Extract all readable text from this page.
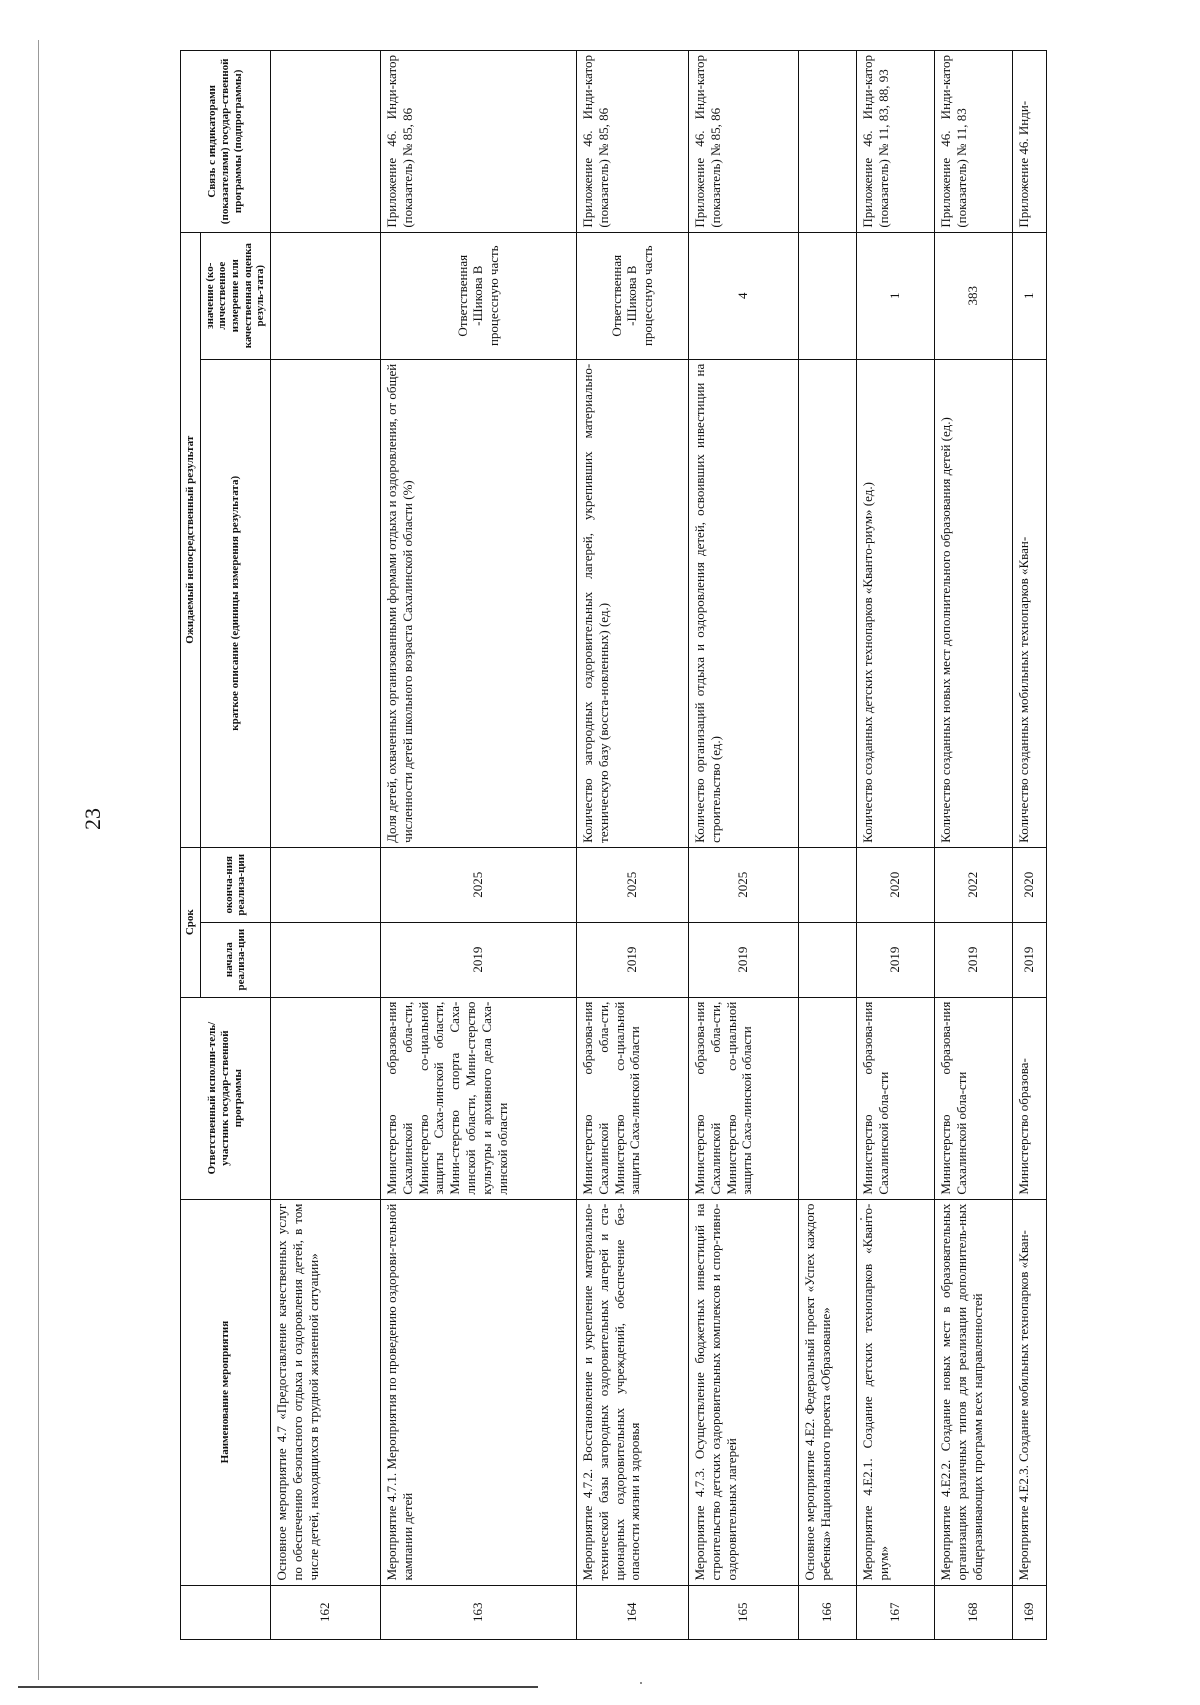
23
	Наименование мероприятия	Ответственный исполни-тель/участник государ-ственной программы	Срок		Ожидаемый непосредственный результат		Связь с индикаторами (показателями) государ-ственной программы (подпрограммы)
			начала реализа-ции	оконча-ния реализа-ции	краткое описание (единицы измерения результата)	значение (ко-личественное измерение или качественная оценка резуль-тата)	
162	Основное мероприятие 4.7 «Предоставление качественных услуг по обеспечению безопасного отдыха и оздоровления детей, в том числе детей, находящихся в трудной жизненной ситуации»						
163	Мероприятие 4.7.1. Мероприятия по проведению оздорови-тельной кампании детей	Министерство образова-ния Сахалинской обла-сти, Министерство со-циальной защиты Саха-линской области, Мини-стерство спорта Саха-линской области, Мини-стерство культуры и архивного дела Саха-линской области	2019	2025	Доля детей, охваченных организованными формами отдыха и оздоровления, от общей численности детей школьного возраста Сахалинской области (%)	Ответственная -Шикова В процессную часть	Приложение 46. Инди-катор (показатель) № 85, 86
164	Мероприятие 4.7.2. Восстановление и укрепление материально-технической базы загородных оздоровительных лагерей и ста-ционарных оздоровительных учреждений, обеспечение без-опасности жизни и здоровья	Министерство образова-ния Сахалинской обла-сти, Министерство со-циальной защиты Саха-линской области	2019	2025	Количество загородных оздоровительных лагерей, укрепивших материально-техническую базу (восста-новленных) (ед.)	Ответственная -Шикова В процессную часть	Приложение 46. Инди-катор (показатель) № 85, 86
165	Мероприятие 4.7.3. Осуществление бюджетных инвестиций на строительство детских оздоровительных комплексов и спор-тивно-оздоровительных лагерей	Министерство образова-ния Сахалинской обла-сти, Министерство со-циальной защиты Саха-линской области	2019	2025	Количество организаций отдыха и оздоровления детей, освоивших инвестиции на строительство (ед.)	4	Приложение 46. Инди-катор (показатель) № 85, 86
166	Основное мероприятие 4.Е2. Федеральный проект «Успех каждого ребенка» Национального проекта «Образование»						
167	Мероприятие 4.Е2.1. Создание детских технопарков «Кванто-риум»	Министерство образова-ния Сахалинской обла-сти	2019	2020	Количество созданных детских технопарков «Кванто-риум» (ед.)	1	Приложение 46. Инди-катор (показатель) № 11, 83, 88, 93
168	Мероприятие 4.Е2.2. Создание новых мест в образовательных организациях различных типов для реализации дополнитель-ных общеразвивающих программ всех направленностей	Министерство образова-ния Сахалинской обла-сти	2019	2022	Количество созданных новых мест дополнительного образования детей (ед.)	383	Приложение 46. Инди-катор (показатель) № 11, 83
169	Мероприятие 4.Е2.3. Создание мобильных технопарков «Кван-	Министерство образова-	2019	2020	Количество созданных мобильных технопарков «Кван-	1	Приложение 46. Инди-
